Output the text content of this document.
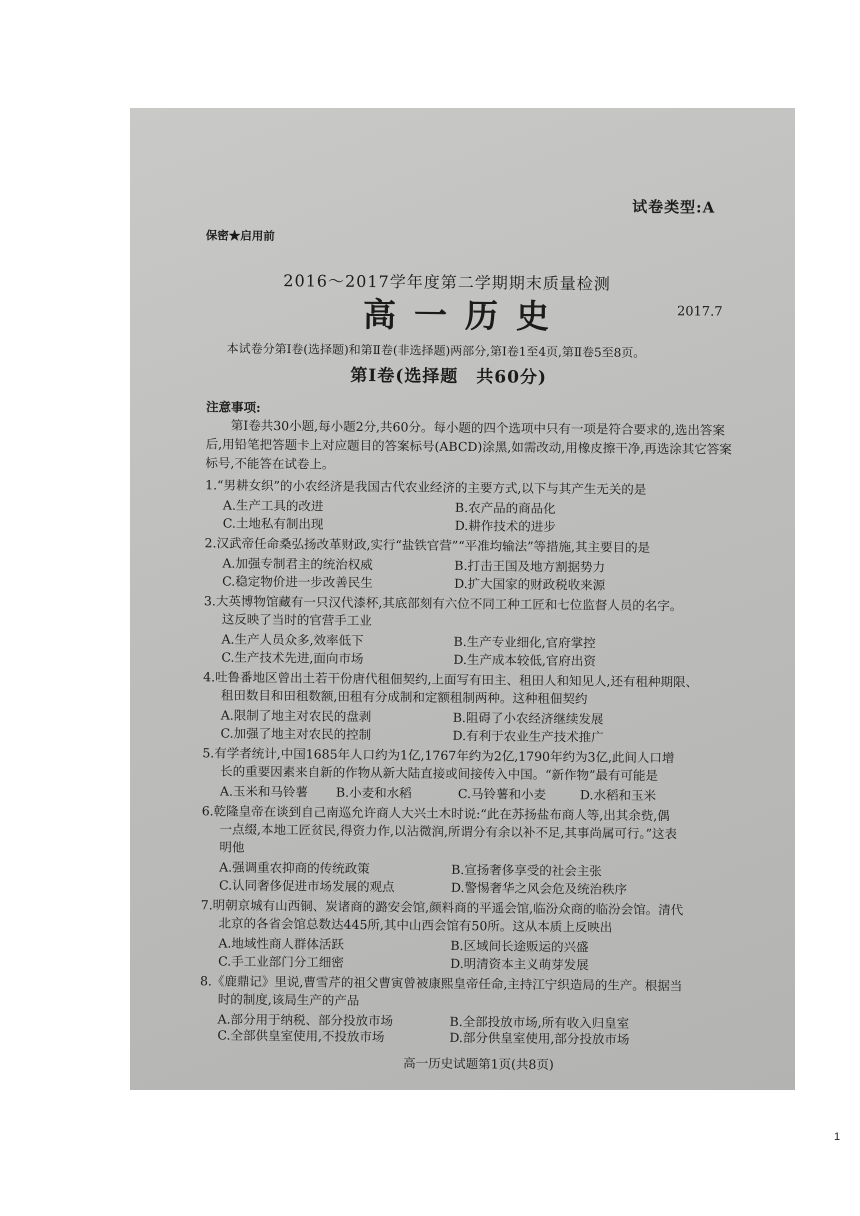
试卷类型:A
保密★启用前
2016～2017学年度第二学期期末质量检测
高一历史	2017.7
本试卷分第Ⅰ卷(选择题)和第Ⅱ卷(非选择题)两部分,第Ⅰ卷1至4页,第Ⅱ卷5至8页。
第Ⅰ卷(选择题　共60分)
注意事项:
第Ⅰ卷共30小题,每小题2分,共60分。每小题的四个选项中只有一项是符合要求的,选出答案后,用铅笔把答题卡上对应题目的答案标号(ABCD)涂黑,如需改动,用橡皮擦干净,再选涂其它答案标号,不能答在试卷上。
1.“男耕女织”的小农经济是我国古代农业经济的主要方式,以下与其产生无关的是
A.生产工具的改进	B.农产品的商品化
C.土地私有制出现	D.耕作技术的进步
2.汉武帝任命桑弘扬改革财政,实行“盐铁官营”“平准均输法”等措施,其主要目的是
A.加强专制君主的统治权威	B.打击王国及地方割据势力
C.稳定物价进一步改善民生	D.扩大国家的财政税收来源
3.大英博物馆藏有一只汉代漆杯,其底部刻有六位不同工种工匠和七位监督人员的名字。
这反映了当时的官营手工业
A.生产人员众多,效率低下	B.生产专业细化,官府掌控
C.生产技术先进,面向市场	D.生产成本较低,官府出资
4.吐鲁番地区曾出土若干份唐代租佃契约,上面写有田主、租田人和知见人,还有租种期限、
租田数目和田租数额,田租有分成制和定额租制两种。这种租佃契约
A.限制了地主对农民的盘剥	B.阻碍了小农经济继续发展
C.加强了地主对农民的控制	D.有利于农业生产技术推广
5.有学者统计,中国1685年人口约为1亿,1767年约为2亿,1790年约为3亿,此间人口增
长的重要因素来自新的作物从新大陆直接或间接传入中国。“新作物”最有可能是
A.玉米和马铃薯 B.小麦和水稻	C.马铃薯和小麦	D.水稻和玉米
6.乾隆皇帝在谈到自己南巡允许商人大兴土木时说:“此在苏扬盐布商人等,出其余赀,偶
一点缀,本地工匠贫民,得资力作,以沾微润,所谓分有余以补不足,其事尚属可行。”这表
明他
A.强调重农抑商的传统政策	B.宣扬奢侈享受的社会主张
C.认同奢侈促进市场发展的观点	D.警惕奢华之风会危及统治秩序
7.明朝京城有山西铜、炭诸商的潞安会馆,颜料商的平遥会馆,临汾众商的临汾会馆。清代
北京的各省会馆总数达445所,其中山西会馆有50所。这从本质上反映出
A.地域性商人群体活跃	B.区域间长途贩运的兴盛
C.手工业部门分工细密	D.明清资本主义萌芽发展
8.《鹿鼎记》里说,曹雪芹的祖父曹寅曾被康熙皇帝任命,主持江宁织造局的生产。根据当
时的制度,该局生产的产品
A.部分用于纳税、部分投放市场	B.全部投放市场,所有收入归皇室
C.全部供皇室使用,不投放市场	D.部分供皇室使用,部分投放市场
高一历史试题第1页(共8页)
1
